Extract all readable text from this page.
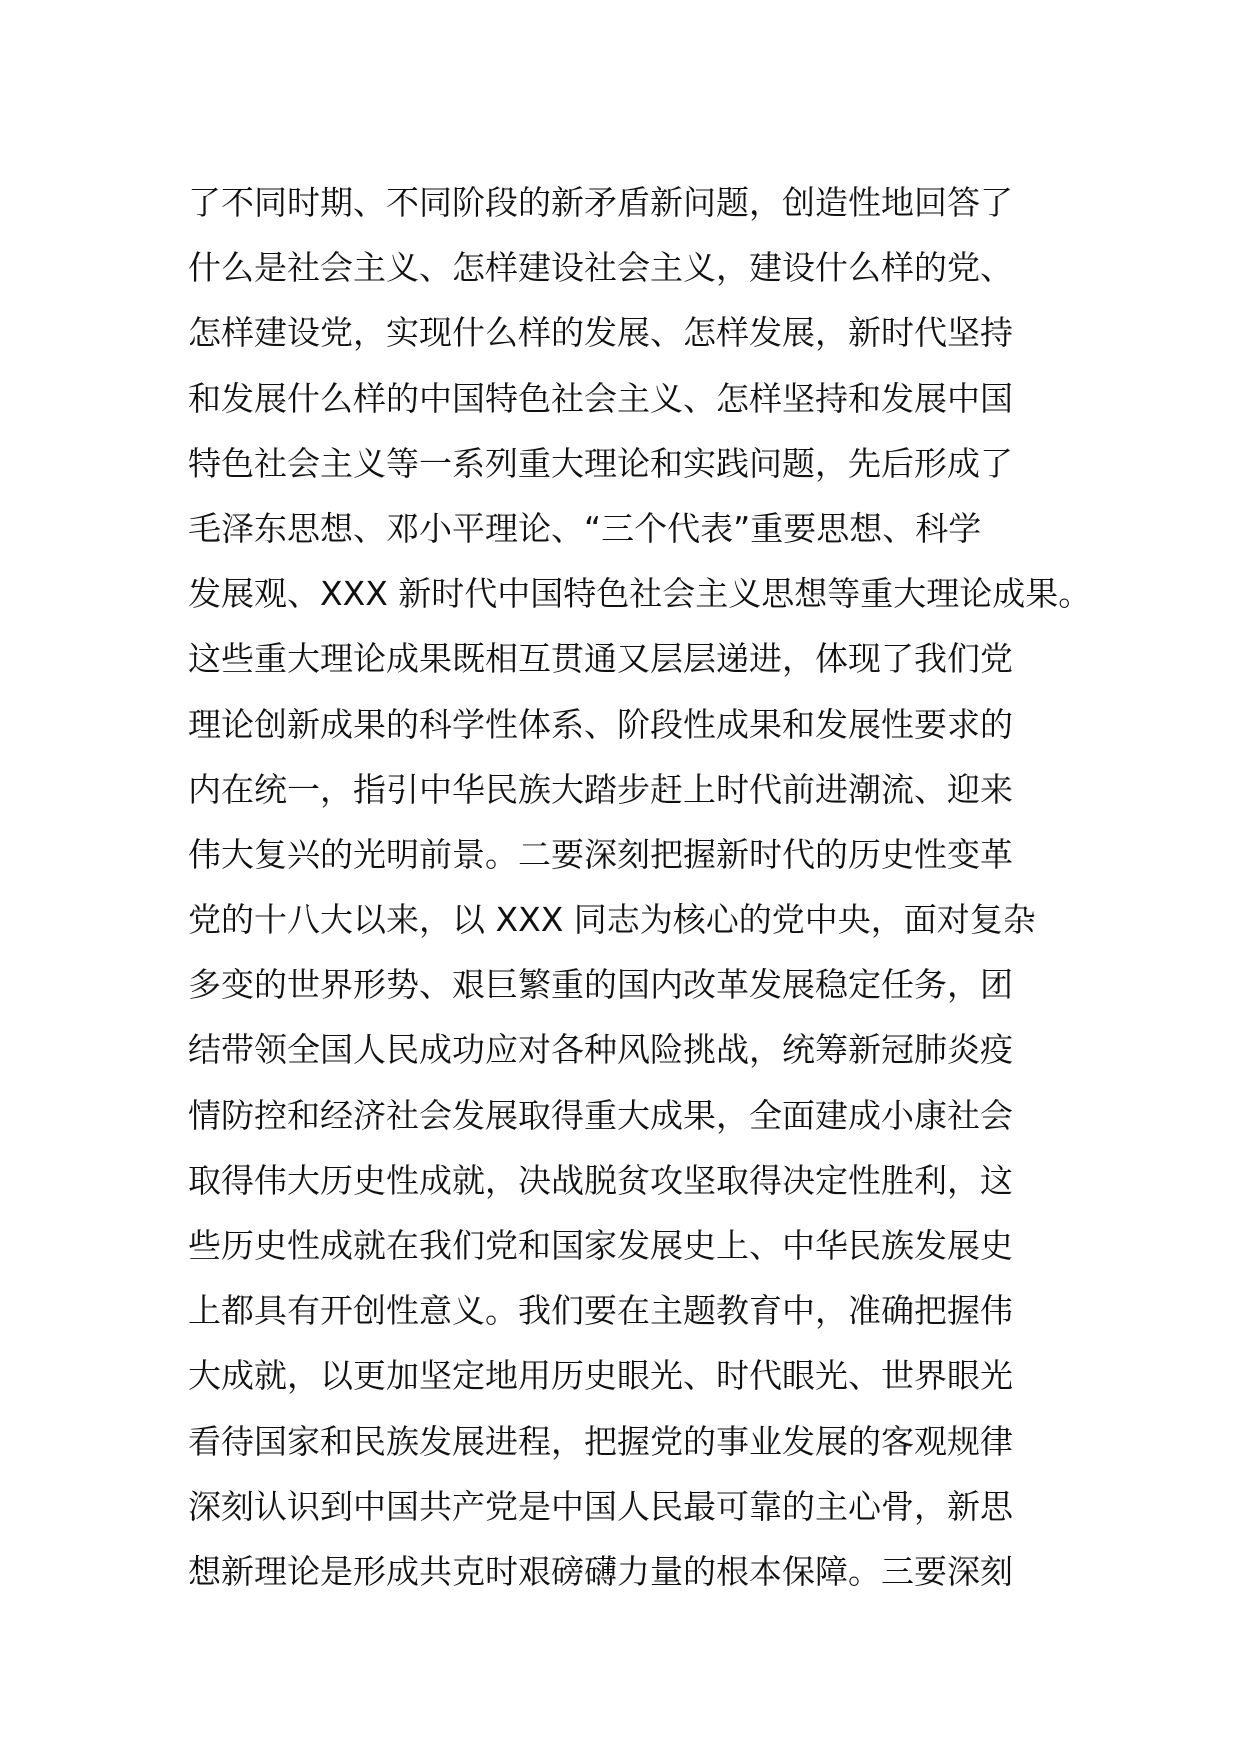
了不同时期、不同阶段的新矛盾新问题，创造性地回答了
什么是社会主义、怎样建设社会主义，建设什么样的党、
怎样建设党，实现什么样的发展、怎样发展，新时代坚持
和发展什么样的中国特色社会主义、怎样坚持和发展中国
特色社会主义等一系列重大理论和实践问题，先后形成了
毛泽东思想、邓小平理论、“三个代表”重要思想、科学
发展观、XXX 新时代中国特色社会主义思想等重大理论成果。
这些重大理论成果既相互贯通又层层递进，体现了我们党
理论创新成果的科学性体系、阶段性成果和发展性要求的
内在统一，指引中华民族大踏步赶上时代前进潮流、迎来
伟大复兴的光明前景。二要深刻把握新时代的历史性变革
党的十八大以来，以 XXX 同志为核心的党中央，面对复杂
多变的世界形势、艰巨繁重的国内改革发展稳定任务，团
结带领全国人民成功应对各种风险挑战，统筹新冠肺炎疫
情防控和经济社会发展取得重大成果，全面建成小康社会
取得伟大历史性成就，决战脱贫攻坚取得决定性胜利，这
些历史性成就在我们党和国家发展史上、中华民族发展史
上都具有开创性意义。我们要在主题教育中，准确把握伟
大成就，以更加坚定地用历史眼光、时代眼光、世界眼光
看待国家和民族发展进程，把握党的事业发展的客观规律
深刻认识到中国共产党是中国人民最可靠的主心骨，新思
想新理论是形成共克时艰磅礴力量的根本保障。三要深刻
